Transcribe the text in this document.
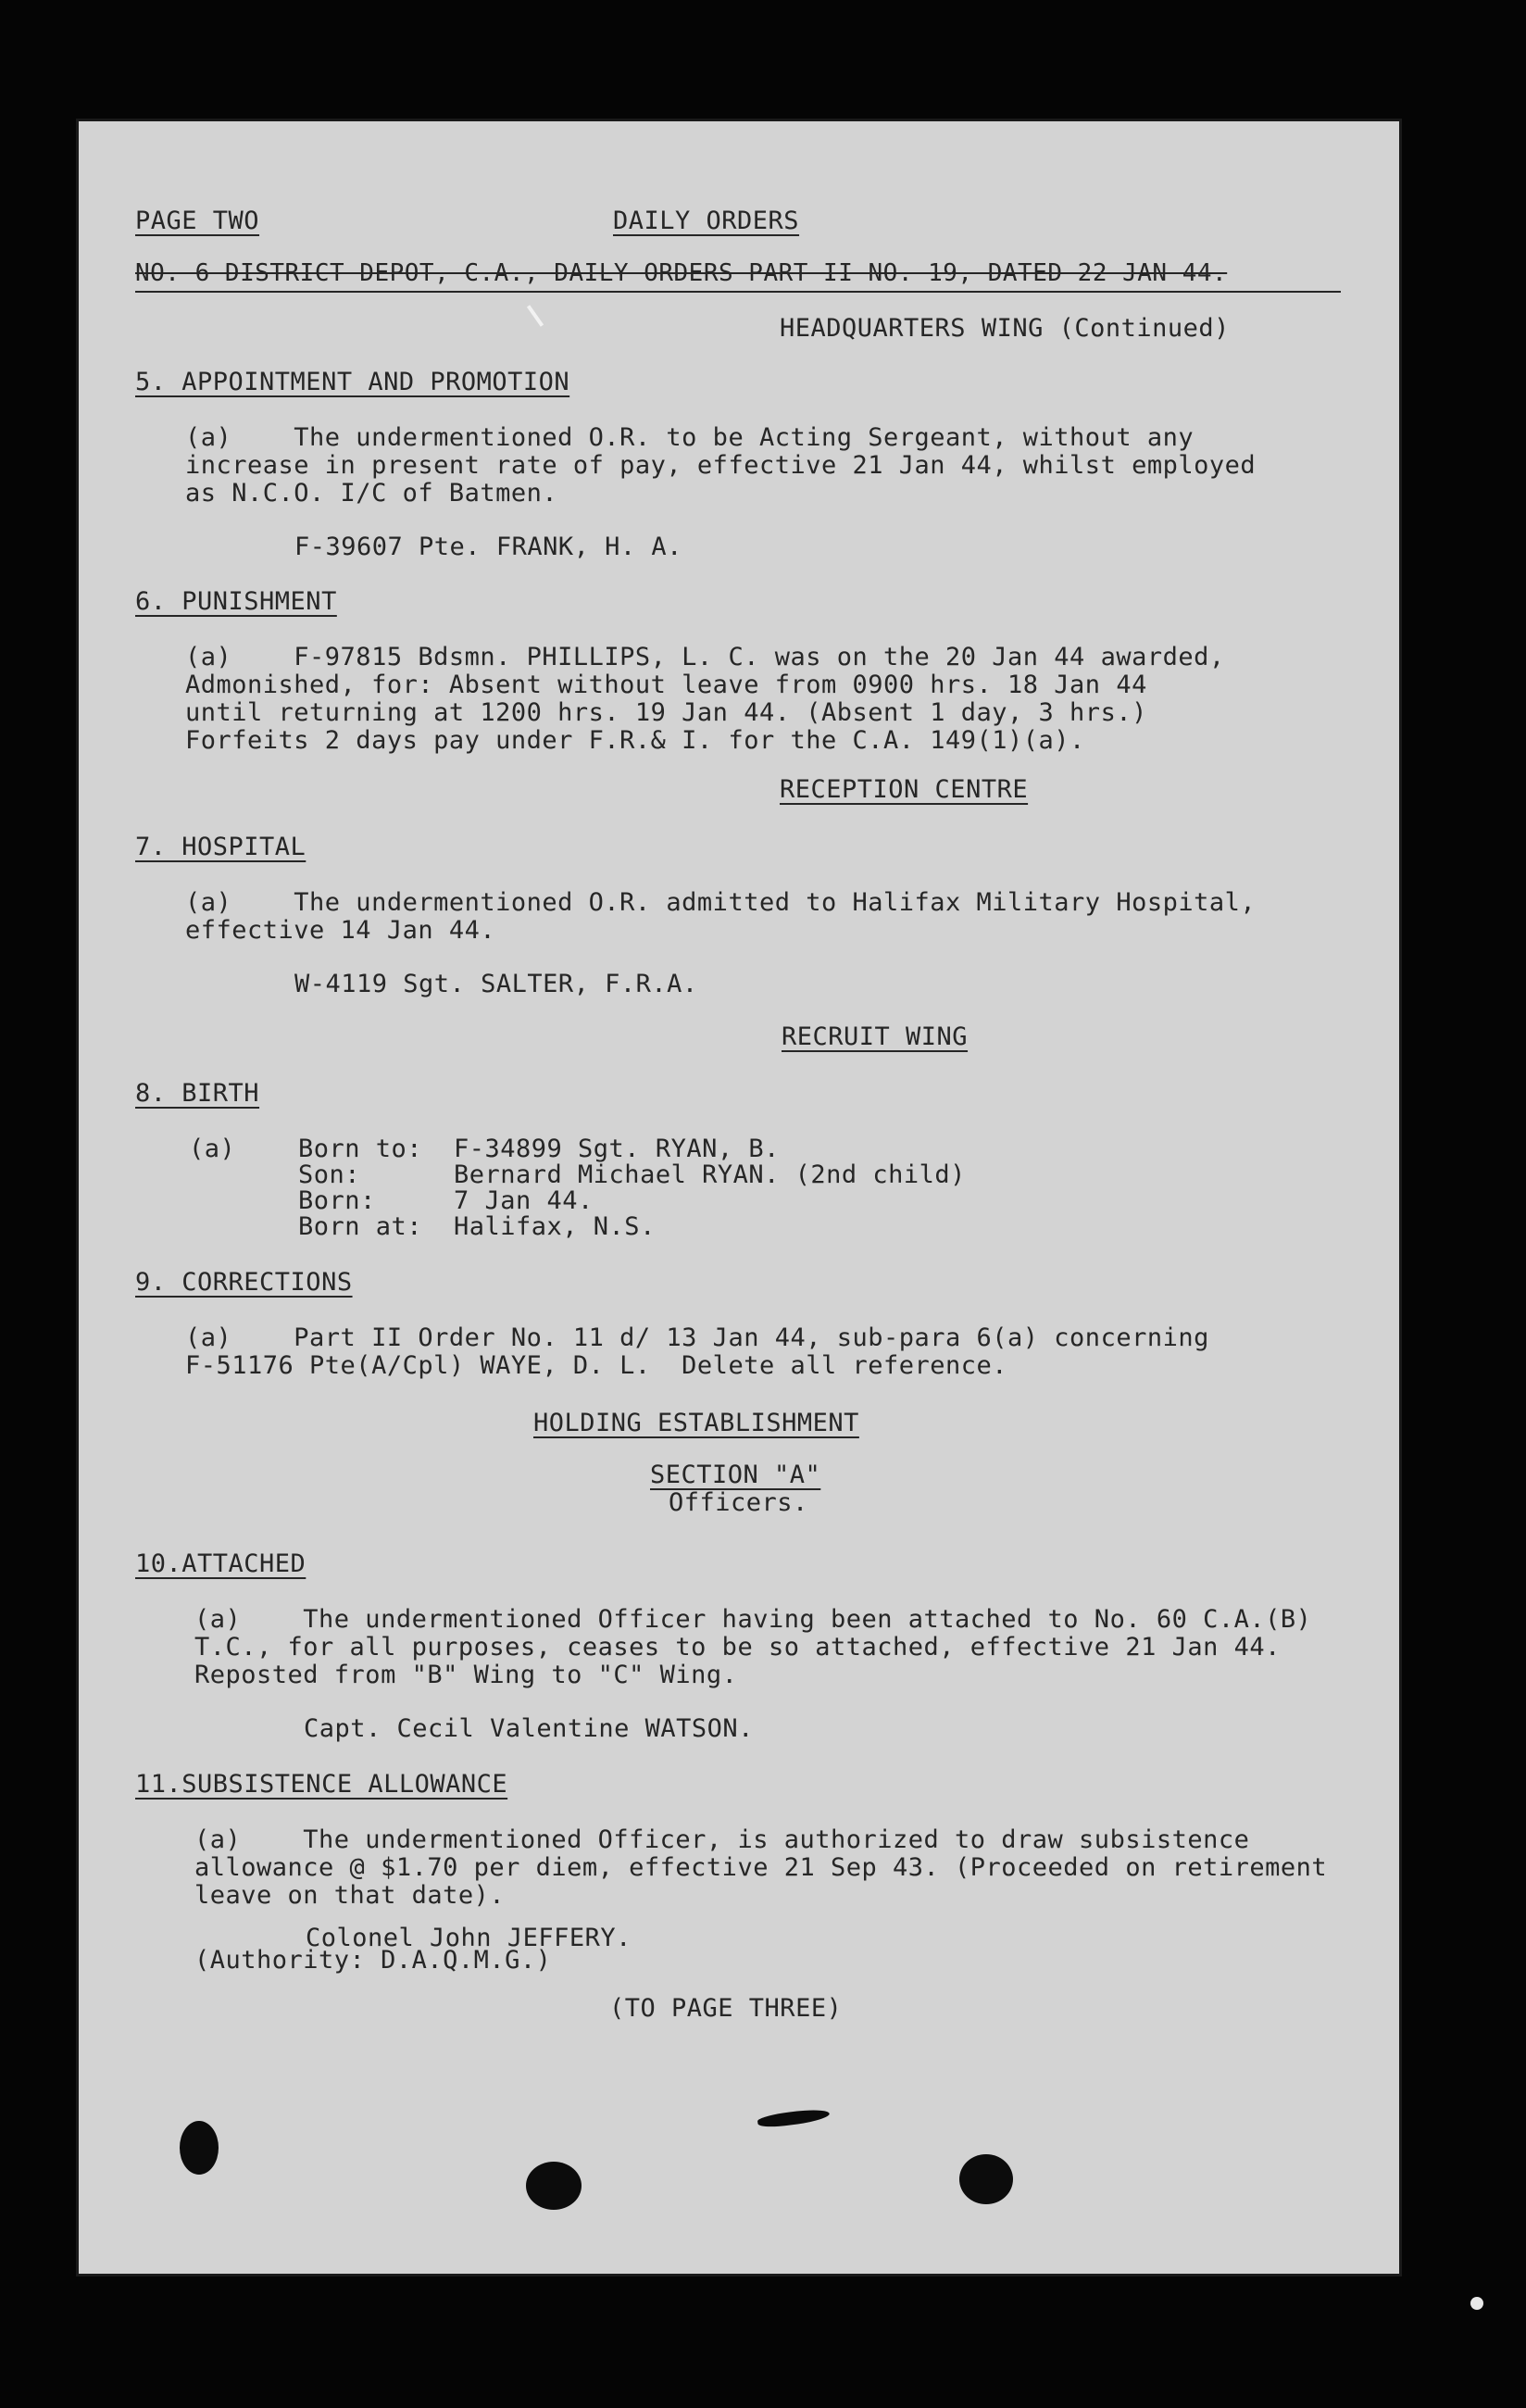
PAGE TWO	DAILY ORDERS
NO. 6 DISTRICT DEPOT, C.A., DAILY ORDERS PART II NO. 19, DATED 22 JAN 44.
HEADQUARTERS WING (Continued)
5. APPOINTMENT AND PROMOTION
(a)    The undermentioned O.R. to be Acting Sergeant, without any
increase in present rate of pay, effective 21 Jan 44, whilst employed
as N.C.O. I/C of Batmen.
F-39607 Pte. FRANK, H. A.
6. PUNISHMENT
(a)    F-97815 Bdsmn. PHILLIPS, L. C. was on the 20 Jan 44 awarded,
Admonished, for: Absent without leave from 0900 hrs. 18 Jan 44
until returning at 1200 hrs. 19 Jan 44. (Absent 1 day, 3 hrs.)
Forfeits 2 days pay under F.R.& I. for the C.A. 149(1)(a).
RECEPTION CENTRE
7. HOSPITAL
(a)    The undermentioned O.R. admitted to Halifax Military Hospital,
effective 14 Jan 44.
W-4119 Sgt. SALTER, F.R.A.
RECRUIT WING
8. BIRTH
(a)	Born to: F-34899 Sgt. RYAN, B.
Son:	Bernard Michael RYAN. (2nd child)
Born:	7 Jan 44.
Born at: Halifax, N.S.
9. CORRECTIONS
(a)    Part II Order No. 11 d/ 13 Jan 44, sub-para 6(a) concerning
F-51176 Pte(A/Cpl) WAYE, D. L.  Delete all reference.
HOLDING ESTABLISHMENT
SECTION "A"
Officers.
10.ATTACHED
(a)    The undermentioned Officer having been attached to No. 60 C.A.(B)
T.C., for all purposes, ceases to be so attached, effective 21 Jan 44.
Reposted from "B" Wing to "C" Wing.
Capt. Cecil Valentine WATSON.
11.SUBSISTENCE ALLOWANCE
(a)    The undermentioned Officer, is authorized to draw subsistence
allowance @ $1.70 per diem, effective 21 Sep 43. (Proceeded on retirement
leave on that date).
Colonel John JEFFERY.
(Authority: D.A.Q.M.G.)
(TO PAGE THREE)
